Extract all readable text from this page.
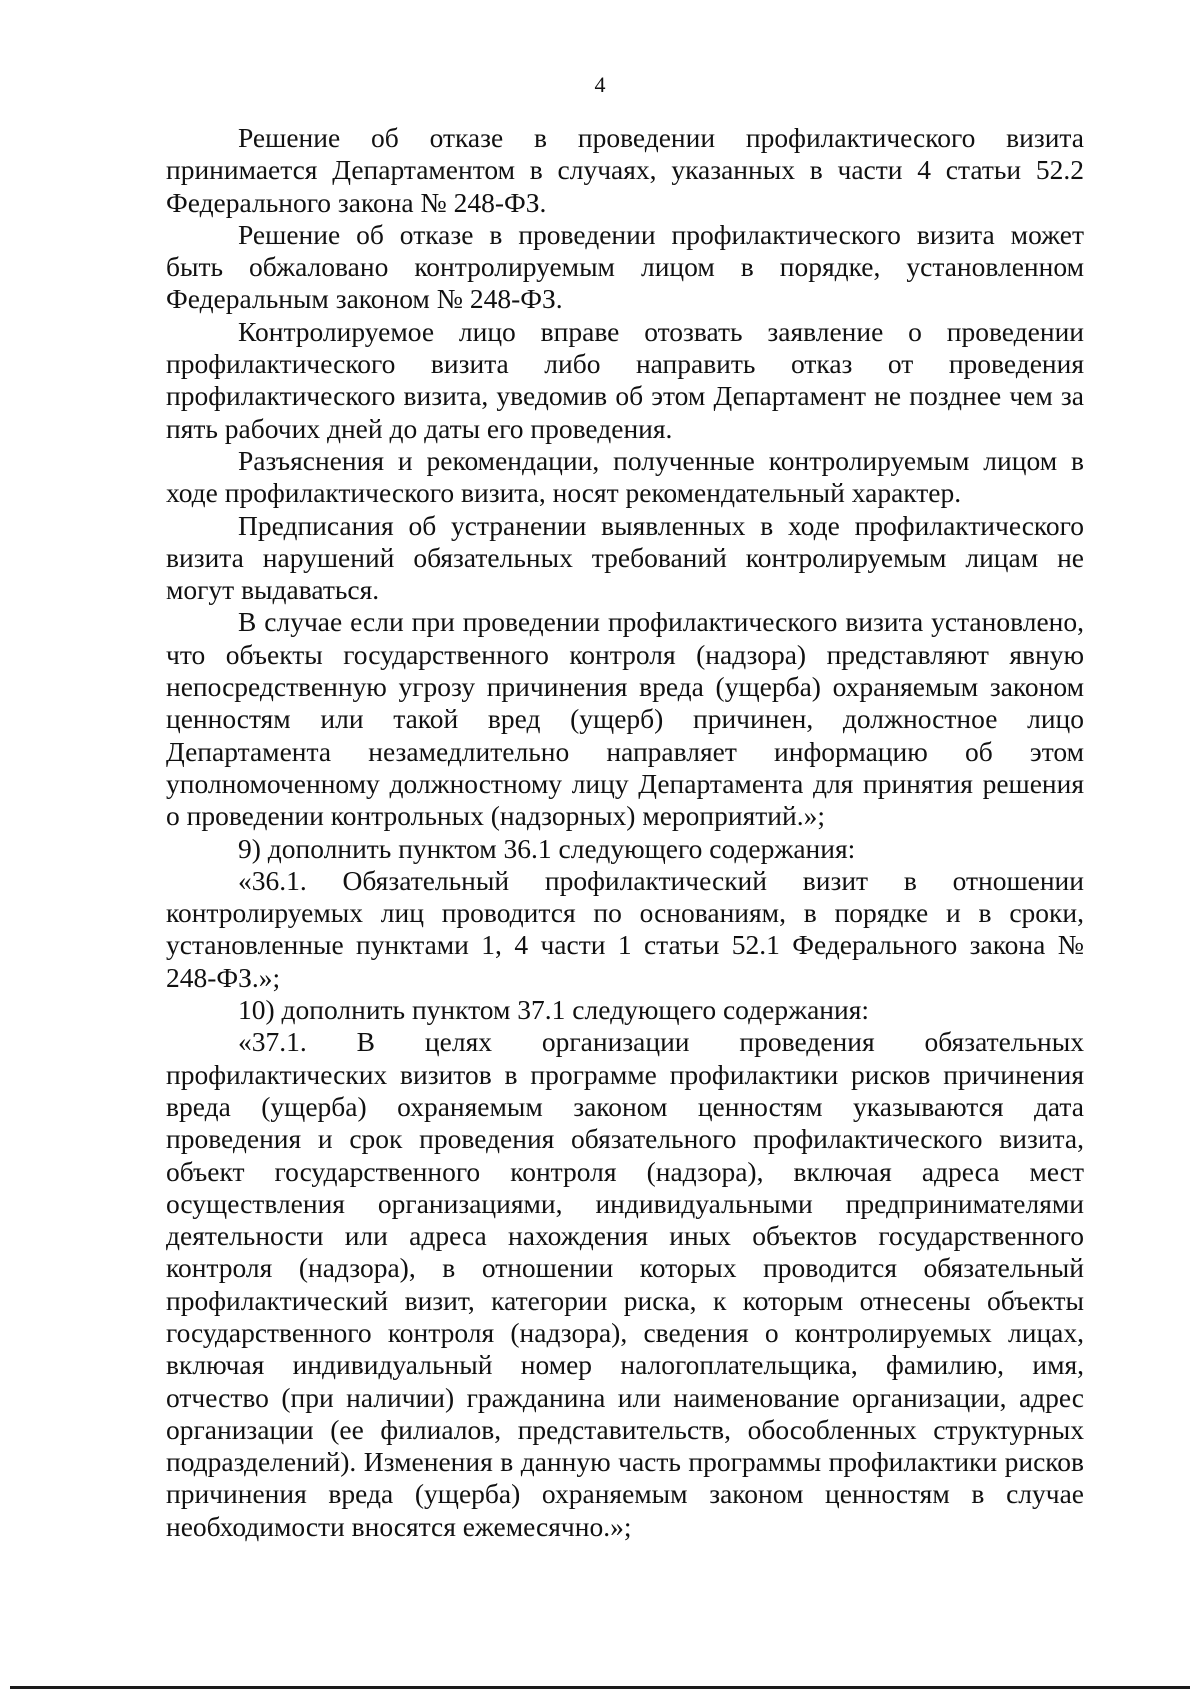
4

Решение об отказе в проведении профилактического визита принимается Департаментом в случаях, указанных в части 4 статьи 52.2 Федерального закона № 248-ФЗ.

Решение об отказе в проведении профилактического визита может быть обжаловано контролируемым лицом в порядке, установленном Федеральным законом № 248-ФЗ.

Контролируемое лицо вправе отозвать заявление о проведении профилактического визита либо направить отказ от проведения профилактического визита, уведомив об этом Департамент не позднее чем за пять рабочих дней до даты его проведения.

Разъяснения и рекомендации, полученные контролируемым лицом в ходе профилактического визита, носят рекомендательный характер.

Предписания об устранении выявленных в ходе профилактического визита нарушений обязательных требований контролируемым лицам не могут выдаваться.

В случае если при проведении профилактического визита установлено, что объекты государственного контроля (надзора) представляют явную непосредственную угрозу причинения вреда (ущерба) охраняемым законом ценностям или такой вред (ущерб) причинен, должностное лицо Департамента незамедлительно направляет информацию об этом уполномоченному должностному лицу Департамента для принятия решения о проведении контрольных (надзорных) мероприятий.»;

9) дополнить пунктом 36.1 следующего содержания:

«36.1. Обязательный профилактический визит в отношении контролируемых лиц проводится по основаниям, в порядке и в сроки, установленные пунктами 1, 4 части 1 статьи 52.1 Федерального закона № 248-ФЗ.»;

10) дополнить пунктом 37.1 следующего содержания:

«37.1. В целях организации проведения обязательных профилактических визитов в программе профилактики рисков причинения вреда (ущерба) охраняемым законом ценностям указываются дата проведения и срок проведения обязательного профилактического визита, объект государственного контроля (надзора), включая адреса мест осуществления организациями, индивидуальными предпринимателями деятельности или адреса нахождения иных объектов государственного контроля (надзора), в отношении которых проводится обязательный профилактический визит, категории риска, к которым отнесены объекты государственного контроля (надзора), сведения о контролируемых лицах, включая индивидуальный номер налогоплательщика, фамилию, имя, отчество (при наличии) гражданина или наименование организации, адрес организации (ее филиалов, представительств, обособленных структурных подразделений). Изменения в данную часть программы профилактики рисков причинения вреда (ущерба) охраняемым законом ценностям в случае необходимости вносятся ежемесячно.»;
